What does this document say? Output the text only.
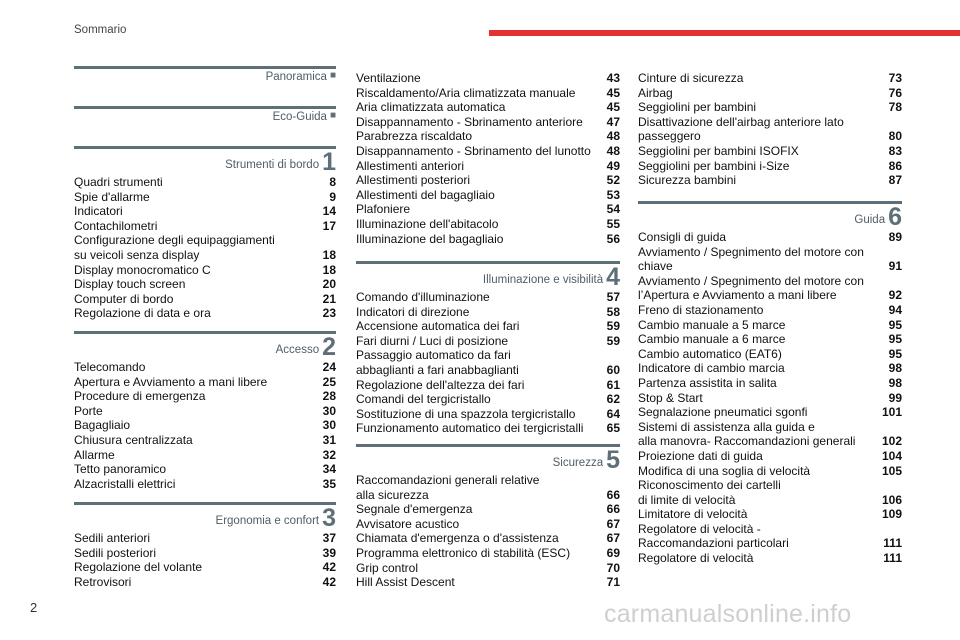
Sommario
Panoramica ■
Eco-Guida ■
Strumenti di bordo 1
Quadri strumenti	8
Spie d'allarme	9
Indicatori	14
Contachilometri	17
Configurazione degli equipaggiamenti
su veicoli senza display	18
Display monocromatico C	18
Display touch screen	20
Computer di bordo	21
Regolazione di data e ora	23
Accesso 2
Telecomando	24
Apertura e Avviamento a mani libere	25
Procedure di emergenza	28
Porte	30
Bagagliaio	30
Chiusura centralizzata	31
Allarme	32
Tetto panoramico	34
Alzacristalli elettrici	35
Ergonomia e confort 3
Sedili anteriori	37
Sedili posteriori	39
Regolazione del volante	42
Retrovisori	42
Ventilazione	43
Riscaldamento/Aria climatizzata manuale	45
Aria climatizzata automatica	45
Disappannamento - Sbrinamento anteriore	47
Parabrezza riscaldato	48
Disappannamento - Sbrinamento del lunotto	48
Allestimenti anteriori	49
Allestimenti posteriori	52
Allestimenti del bagagliaio	53
Plafoniere	54
Illuminazione dell'abitacolo	55
Illuminazione del bagagliaio	56
Illuminazione e visibilità 4
Comando d'illuminazione	57
Indicatori di direzione	58
Accensione automatica dei fari	59
Fari diurni / Luci di posizione	59
Passaggio automatico da fari
abbaglianti a fari anabbaglianti	60
Regolazione dell'altezza dei fari	61
Comandi del tergicristallo	62
Sostituzione di una spazzola tergicristallo	64
Funzionamento automatico dei tergicristalli	65
Sicurezza 5
Raccomandazioni generali relative
alla sicurezza	66
Segnale d'emergenza	66
Avvisatore acustico	67
Chiamata d'emergenza o d'assistenza	67
Programma elettronico di stabilità (ESC)	69
Grip control	70
Hill Assist Descent	71
Cinture di sicurezza	73
Airbag	76
Seggiolini per bambini	78
Disattivazione dell'airbag anteriore lato
passeggero	80
Seggiolini per bambini ISOFIX	83
Seggiolini per bambini i-Size	86
Sicurezza bambini	87
Guida 6
Consigli di guida	89
Avviamento / Spegnimento del motore con
chiave	91
Avviamento / Spegnimento del motore con
l’Apertura e Avviamento a mani libere	92
Freno di stazionamento	94
Cambio manuale a 5 marce	95
Cambio manuale a 6 marce	95
Cambio automatico (EAT6)	95
Indicatore di cambio marcia	98
Partenza assistita in salita	98
Stop & Start	99
Segnalazione pneumatici sgonfi	101
Sistemi di assistenza alla guida e
alla manovra- Raccomandazioni generali	102
Proiezione dati di guida	104
Modifica di una soglia di velocità	105
Riconoscimento dei cartelli
di limite di velocità	106
Limitatore di velocità	109
Regolatore di velocità -
Raccomandazioni particolari	111
Regolatore di velocità	111
2	carmanualsonline.info
